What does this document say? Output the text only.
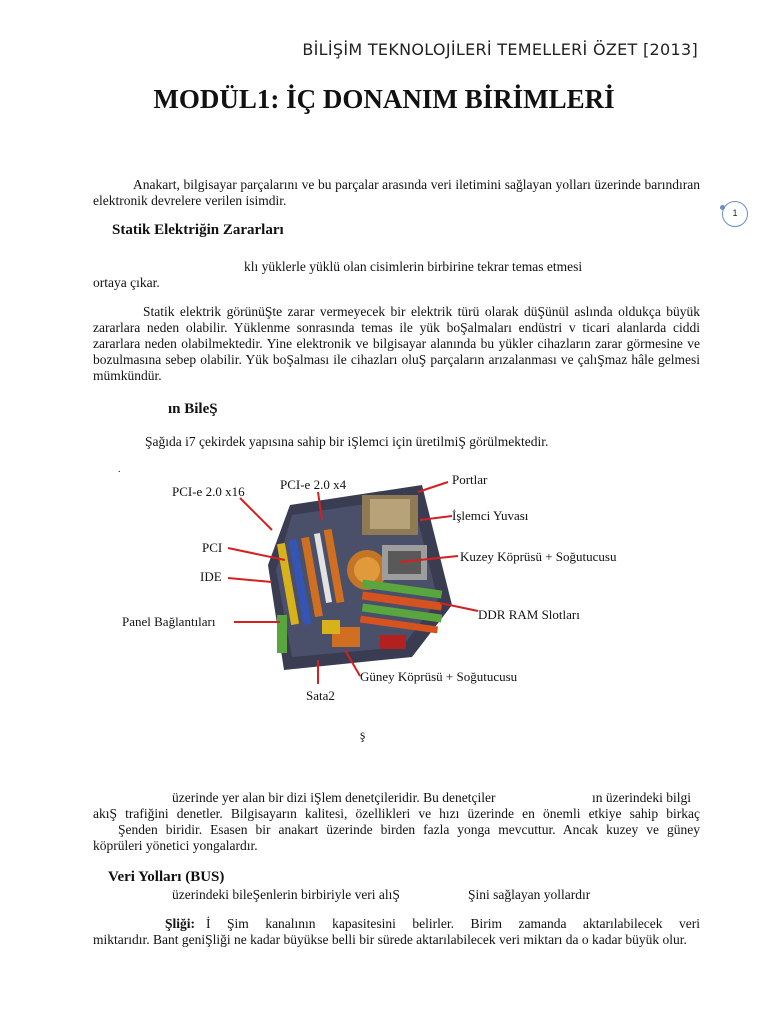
BİLİŞİM TEKNOLOJİLERİ TEMELLERİ ÖZET [2013]
MODÜL1: İÇ DONANIM BİRİMLERİ
Anakart, bilgisayar parçalarını ve bu parçalar arasında veri iletimini sağlayan yolları üzerinde barındıran elektronik devrelere verilen isimdir.
1
Statik Elektriğin Zararları
klı yüklerle yüklü olan cisimlerin birbirine tekrar temas etmesi
ortaya çıkar.
Statik elektrik görünüŞte zarar vermeyecek bir elektrik türü olarak düŞünül aslında oldukça büyük zararlara neden olabilir. Yüklenme sonrasında temas ile yük boŞalmaları endüstri v ticari alanlarda ciddi zararlara neden olabilmektedir. Yine elektronik ve bilgisayar alanında bu yükler cihazların zarar görmesine ve bozulmasına sebep olabilir. Yük boŞalması ile cihazları oluŞ parçaların arızalanması ve çalıŞmaz hâle gelmesi mümkündür.
ın BileŞ
Şağıda i7 çekirdek yapısına sahip bir iŞlemci için üretilmiŞ görülmektedir.
.
PCI-e 2.0 x16	PCI-e 2.0 x4	Portlar
İşlemci Yuvası
PCI
Kuzey Köprüsü + Soğutucusu
IDE
DDR RAM Slotları
Panel Bağlantıları
Güney Köprüsü + Soğutucusu
Sata2
ş
üzerinde yer alan bir dizi iŞlem denetçileridir. Bu denetçiler	ın üzerindeki bilgi
akıŞ trafiğini denetler. Bilgisayarın kalitesi, özellikleri ve hızı üzerinde en önemli etkiye sahip birkaç
Şenden biridir. Esasen bir anakart üzerinde birden fazla yonga mevcuttur. Ancak kuzey ve güney
köprüleri yönetici yongalardır.
Veri Yolları (BUS)
üzerindeki bileŞenlerin birbiriyle veri alıŞ	Şini sağlayan yollardır
Şliği: İ Şim kanalının kapasitesini belirler. Birim zamanda aktarılabilecek veri
miktarıdır. Bant geniŞliği ne kadar büyükse belli bir sürede aktarılabilecek veri miktarı da o kadar büyük olur.
